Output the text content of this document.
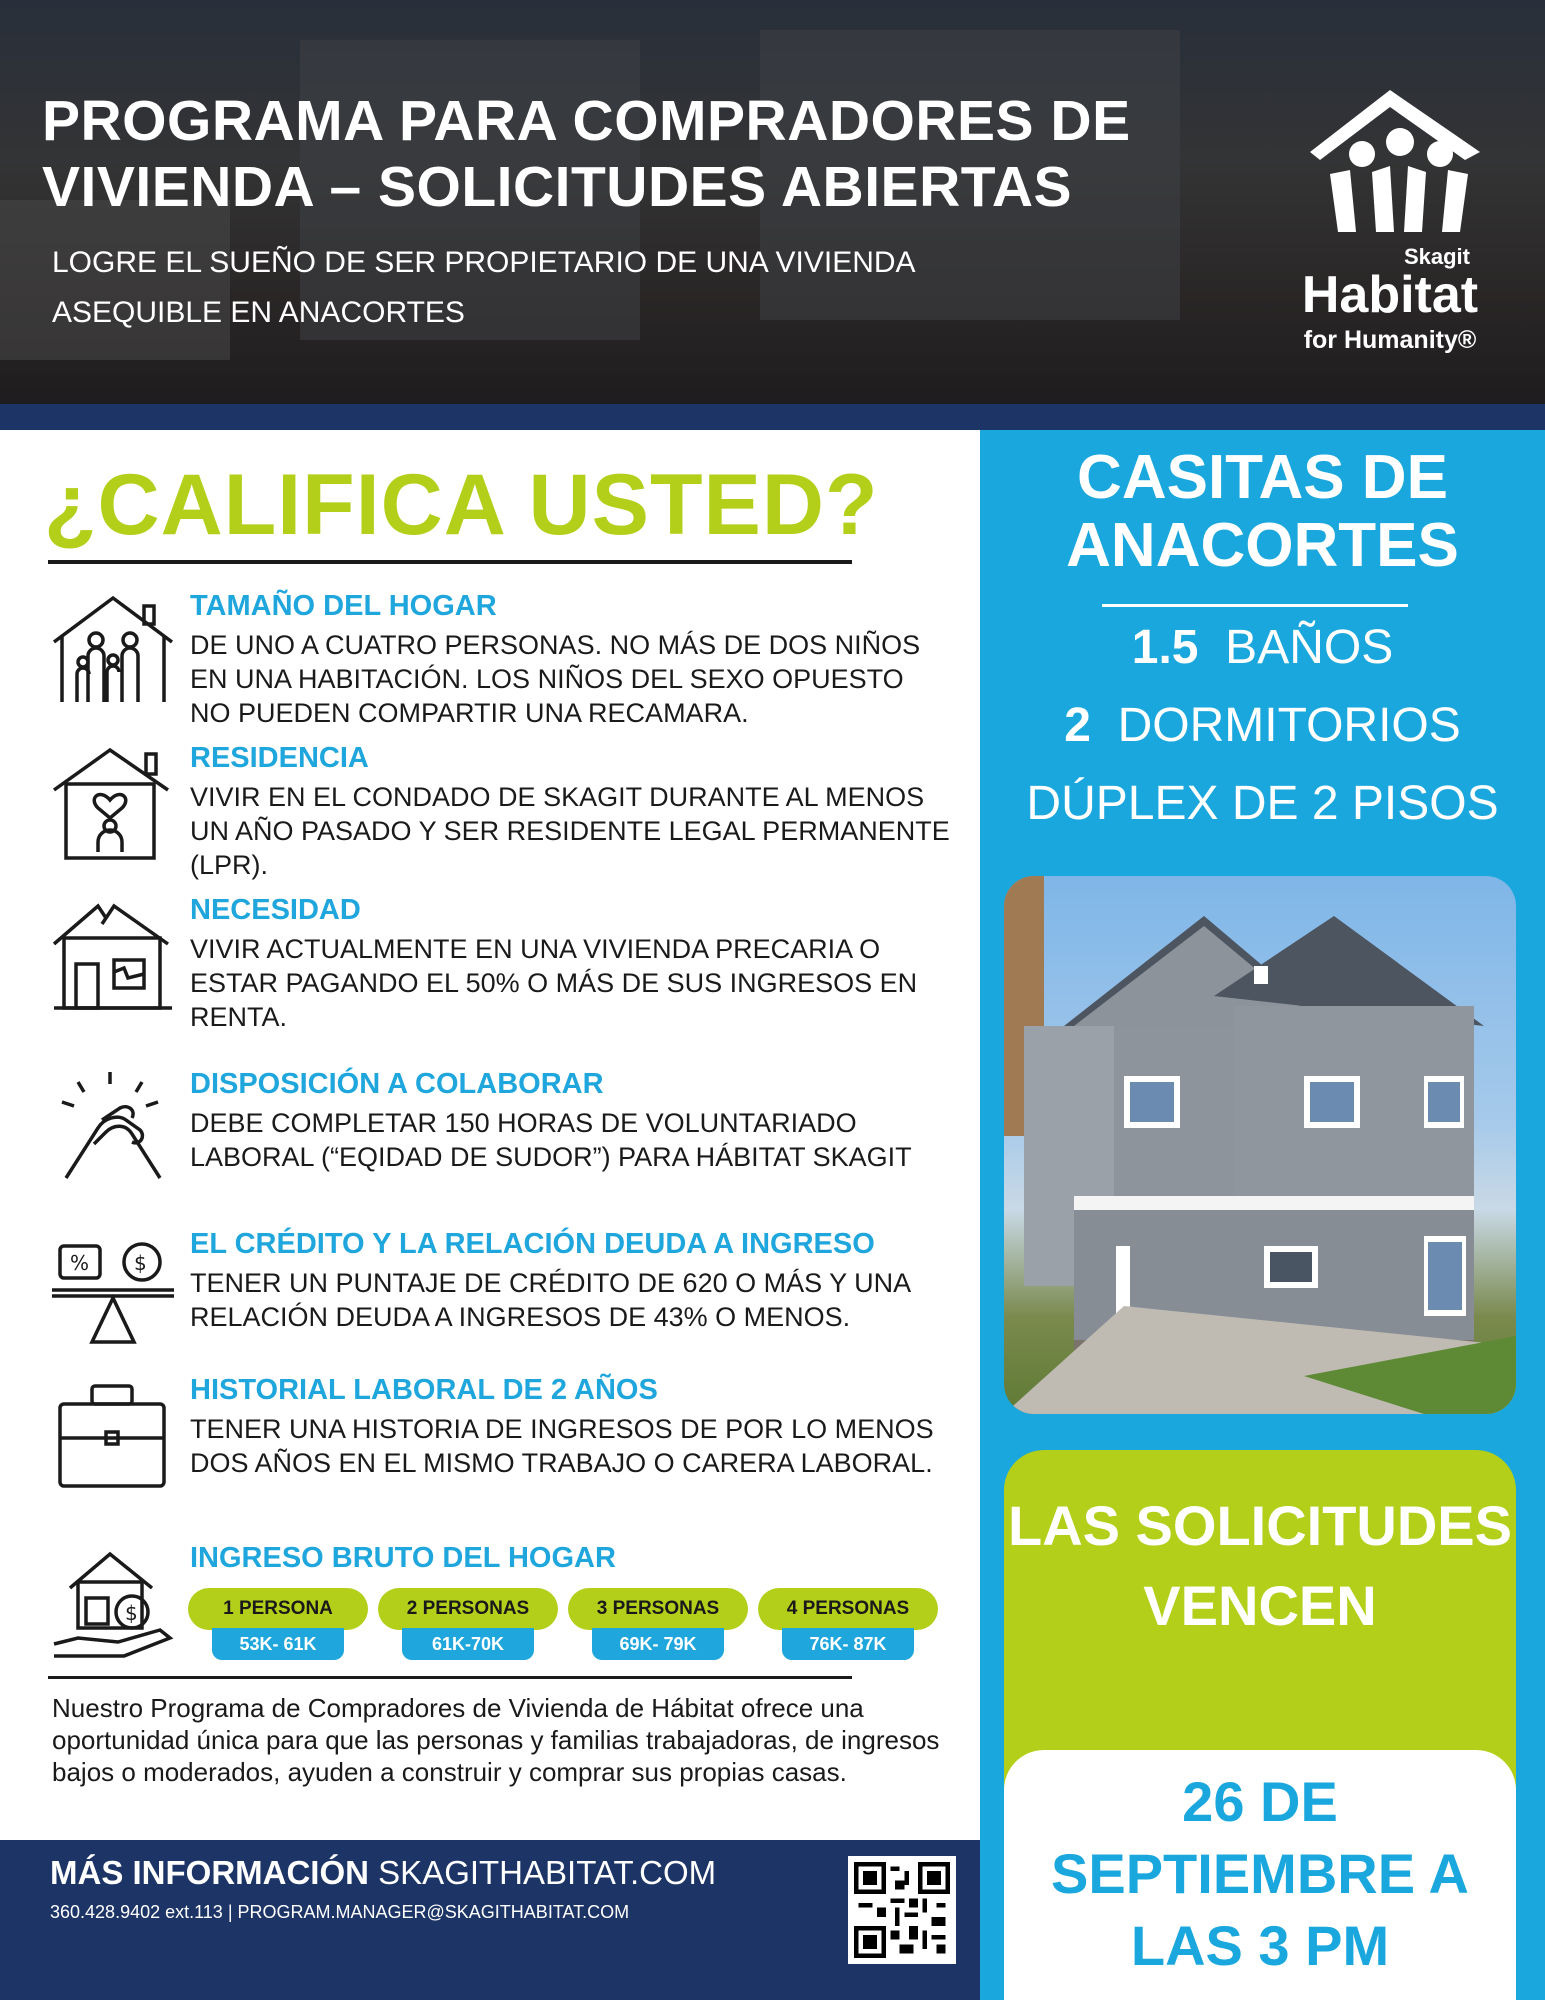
PROGRAMA PARA COMPRADORES DE VIVIENDA – SOLICITUDES ABIERTAS
LOGRE EL SUEÑO DE SER PROPIETARIO DE UNA VIVIENDA ASEQUIBLE EN ANACORTES
Skagit
Habitat
for Humanity®
¿CALIFICA USTED?
TAMAÑO DEL HOGAR

DE UNO A CUATRO PERSONAS. NO MÁS DE DOS NIÑOS EN UNA HABITACIÓN. LOS NIÑOS DEL SEXO OPUESTO NO PUEDEN COMPARTIR UNA RECAMARA.

RESIDENCIA

VIVIR EN EL CONDADO DE SKAGIT DURANTE AL MENOS UN AÑO PASADO Y SER RESIDENTE LEGAL PERMANENTE (LPR).

NECESIDAD

VIVIR ACTUALMENTE EN UNA VIVIENDA PRECARIA O ESTAR PAGANDO EL 50% O MÁS DE SUS INGRESOS EN RENTA.

DISPOSICIÓN A COLABORAR

DEBE COMPLETAR 150 HORAS DE VOLUNTARIADO LABORAL (“EQIDAD DE SUDOR”) PARA HÁBITAT SKAGIT

% $
EL CRÉDITO Y LA RELACIÓN DEUDA A INGRESO

TENER UN PUNTAJE DE CRÉDITO DE 620 O MÁS Y UNA RELACIÓN DEUDA A INGRESOS DE 43% O MENOS.

HISTORIAL LABORAL DE 2 AÑOS

TENER UNA HISTORIA DE INGRESOS DE POR LO MENOS DOS AÑOS EN EL MISMO TRABAJO O CARERA LABORAL.

$
INGRESO BRUTO DEL HOGAR
1 PERSONA
53K- 61K
2 PERSONAS
61K-70K
3 PERSONAS
69K- 79K
4 PERSONAS
76K- 87K
Nuestro Programa de Compradores de Vivienda de Hábitat ofrece una oportunidad única para que las personas y familias trabajadoras, de ingresos bajos o moderados, ayuden a construir y comprar sus propias casas.
MÁS INFORMACIÓN SKAGITHABITAT.COM
360.428.9402 ext.113 | PROGRAM.MANAGER@SKAGITHABITAT.COM
CASITAS DE ANACORTES
1.5 BAÑOS
2 DORMITORIOS
DÚPLEX DE 2 PISOS
LAS SOLICITUDES VENCEN
26 DE SEPTIEMBRE A LAS 3 PM
